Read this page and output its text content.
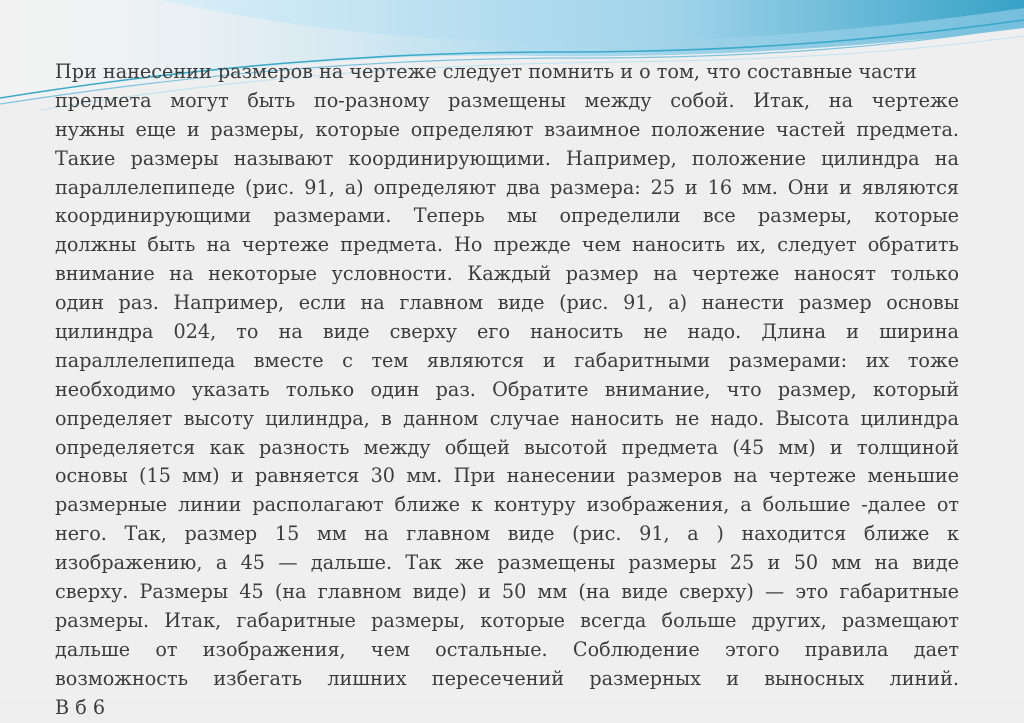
При нанесении размеров на чертеже следует помнить и о том, что составные части
предмета могут быть по-разному размещены между собой. Итак, на чертеже
нужны еще и размеры, которые определяют взаимное положение частей предмета.
Такие размеры называют координирующими. Например, положение цилиндра на
параллелепипеде (рис. 91, а) определяют два размера: 25 и 16 мм. Они и являются
координирующими размерами. Теперь мы определили все размеры, которые
должны быть на чертеже предмета. Но прежде чем наносить их, следует обратить
внимание на некоторые условности. Каждый размер на чертеже наносят только
один раз. Например, если на главном виде (рис. 91, а) нанести размер основы
цилиндра 024, то на виде сверху его наносить не надо. Длина и ширина
параллелепипеда вместе с тем являются и габаритными размерами: их тоже
необходимо указать только один раз. Обратите внимание, что размер, который
определяет высоту цилиндра, в данном случае наносить не надо. Высота цилиндра
определяется как разность между общей высотой предмета (45 мм) и толщиной
основы (15 мм) и равняется 30 мм. При нанесении размеров на чертеже меньшие
размерные линии располагают ближе к контуру изображения, а большие -далее от
него. Так, размер 15 мм на главном виде (рис. 91, а ) находится ближе к
изображению, а 45 — дальше. Так же размещены размеры 25 и 50 мм на виде
сверху. Размеры 45 (на главном виде) и 50 мм (на виде сверху) — это габаритные
размеры. Итак, габаритные размеры, которые всегда больше других, размещают
дальше от изображения, чем остальные. Соблюдение этого правила дает
возможность избегать лишних пересечений размерных и выносных линий.
В б 6
